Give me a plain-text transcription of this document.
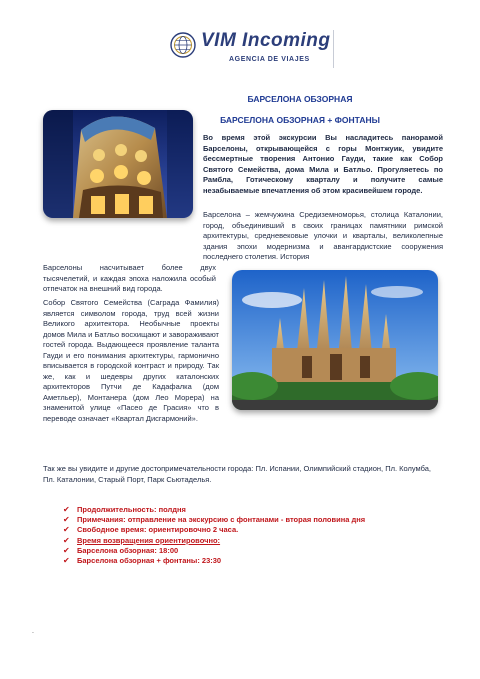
VIM Incoming
AGENCIA DE VIAJES
БАРСЕЛОНА ОБЗОРНАЯ
БАРСЕЛОНА ОБЗОРНАЯ + ФОНТАНЫ
Во время этой экскурсии Вы насладитесь панорамой Барселоны, открывающейся с горы Монтжуик, увидите бессмертные творения Антонио Гауди, такие как Собор Святого Семейства, дома Мила и Батльо. Прогуляетесь по Рамбла, Готическому кварталу и получите самые незабываемые впечатления об этом красивейшем городе.
Барселона – жемчужина Средиземноморья, столица Каталонии, город, объединивший в своих границах памятники римской архитектуры, средневековые улочки и кварталы, великолепные здания эпохи модернизма и авангардистские сооружения последнего столетия. История
Барселоны насчитывает более двух тысячелетий, и каждая эпоха наложила особый отпечаток на внешний вид города.
Собор Святого Семейства (Саграда Фамилия) является символом города, труд всей жизни Великого архитектора. Необычные проекты домов Мила и Батльо восхищают и завораживают гостей города. Выдающееся проявление таланта Гауди и его понимания архитектуры, гармонично вписывается в городской контраст и природу. Так же, как и шедевры других каталонских архитекторов Путчи де Кадафалка (дом Аметльер), Монтанера (дом Лео Морера) на знаменитой улице «Пасео де Грасия» что в переводе означает «Квартал Дисгармоний».
Так же вы увидите и другие достопримечательности города: Пл. Испании, Олимпийский стадион, Пл. Колумба, Пл. Каталонии, Старый Порт, Парк Сьютаделья.
✔ Продолжительность: полдня
✔ Примечания: отправление на экскурсию с фонтанами - вторая половина дня
✔ Свободное время: ориентировочно 2 часа.
✔ Время возвращения ориентировочно:
✔ Барселона обзорная: 18:00
✔ Барселона обзорная + фонтаны: 23:30
.
